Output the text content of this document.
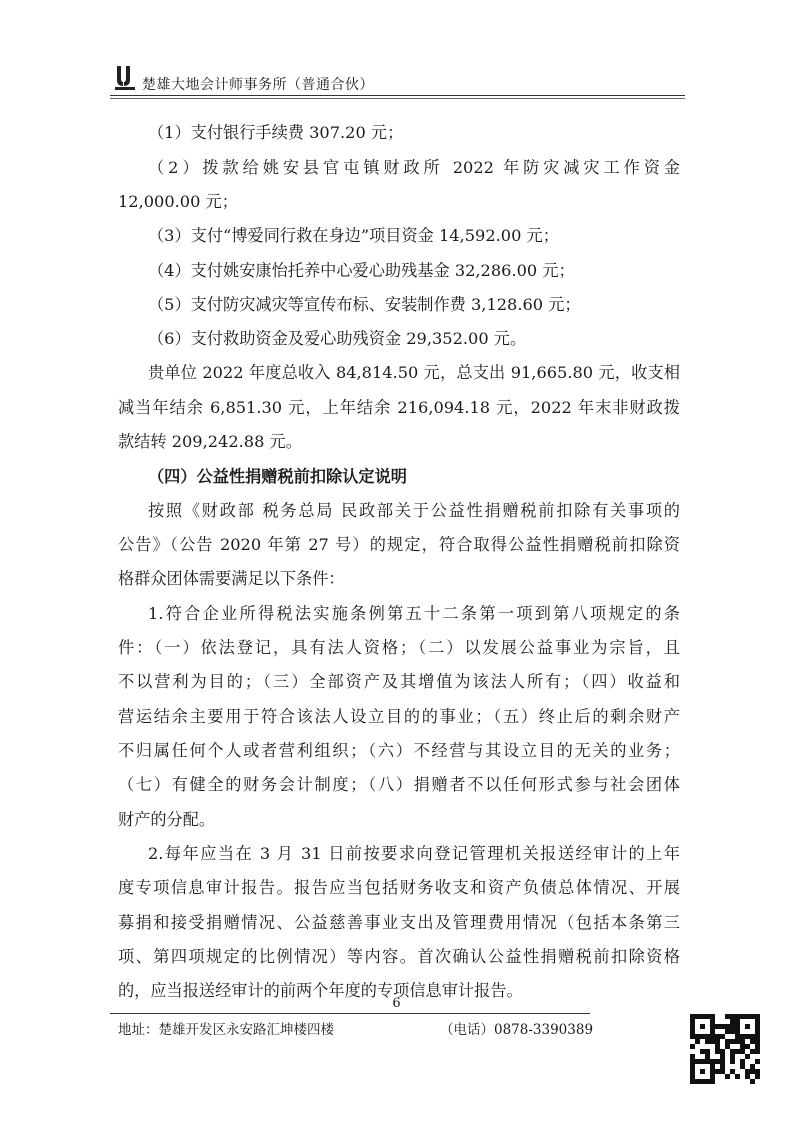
楚雄大地会计师事务所（普通合伙）
（1）支付银行手续费 307.20 元；
（2）拨款给姚安县官屯镇财政所 2022 年防灾减灾工作资金
12,000.00 元；
（3）支付“博爱同行救在身边”项目资金 14,592.00 元；
（4）支付姚安康怡托养中心爱心助残基金 32,286.00 元；
（5）支付防灾减灾等宣传布标、安装制作费 3,128.60 元；
（6）支付救助资金及爱心助残资金 29,352.00 元。
贵单位 2022 年度总收入 84,814.50 元，总支出 91,665.80 元，收支相
减当年结余 6,851.30 元，上年结余 216,094.18 元，2022 年末非财政拨
款结转 209,242.88 元。
（四）公益性捐赠税前扣除认定说明
按照《财政部 税务总局 民政部关于公益性捐赠税前扣除有关事项的
公告》（公告 2020 年第 27 号）的规定，符合取得公益性捐赠税前扣除资
格群众团体需要满足以下条件：
1.符合企业所得税法实施条例第五十二条第一项到第八项规定的条
件：（一）依法登记，具有法人资格；（二）以发展公益事业为宗旨，且
不以营利为目的；（三）全部资产及其增值为该法人所有；（四）收益和
营运结余主要用于符合该法人设立目的的事业；（五）终止后的剩余财产
不归属任何个人或者营利组织；（六）不经营与其设立目的无关的业务；
（七）有健全的财务会计制度；（八）捐赠者不以任何形式参与社会团体
财产的分配。
2.每年应当在 3 月 31 日前按要求向登记管理机关报送经审计的上年
度专项信息审计报告。报告应当包括财务收支和资产负债总体情况、开展
募捐和接受捐赠情况、公益慈善事业支出及管理费用情况（包括本条第三
项、第四项规定的比例情况）等内容。首次确认公益性捐赠税前扣除资格
的，应当报送经审计的前两个年度的专项信息审计报告。
6
地址：楚雄开发区永安路汇坤楼四楼	（电话）0878-3390389
